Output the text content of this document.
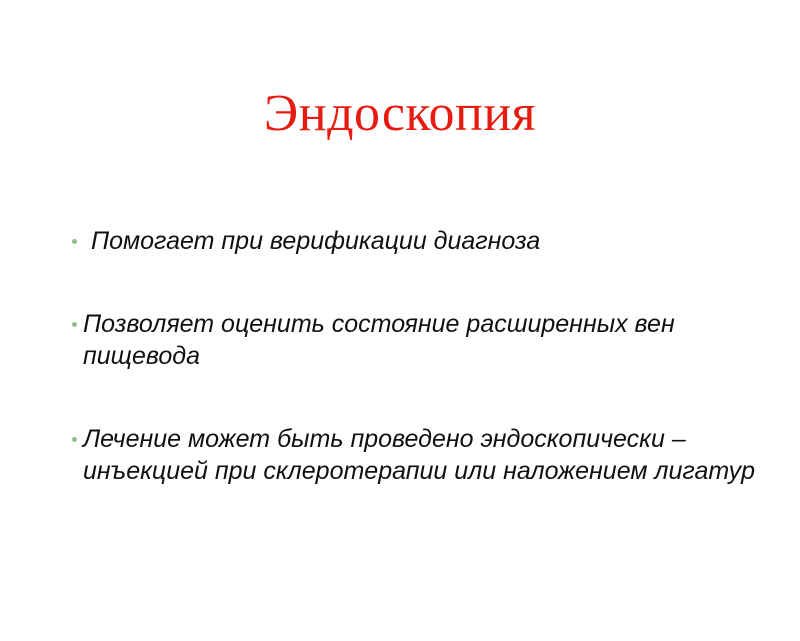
Эндоскопия
Помогает при верификации диагноза
Позволяет оценить состояние расширенных вен пищевода
Лечение может быть проведено эндоскопически – инъекцией при склеротерапии или наложением лигатур
